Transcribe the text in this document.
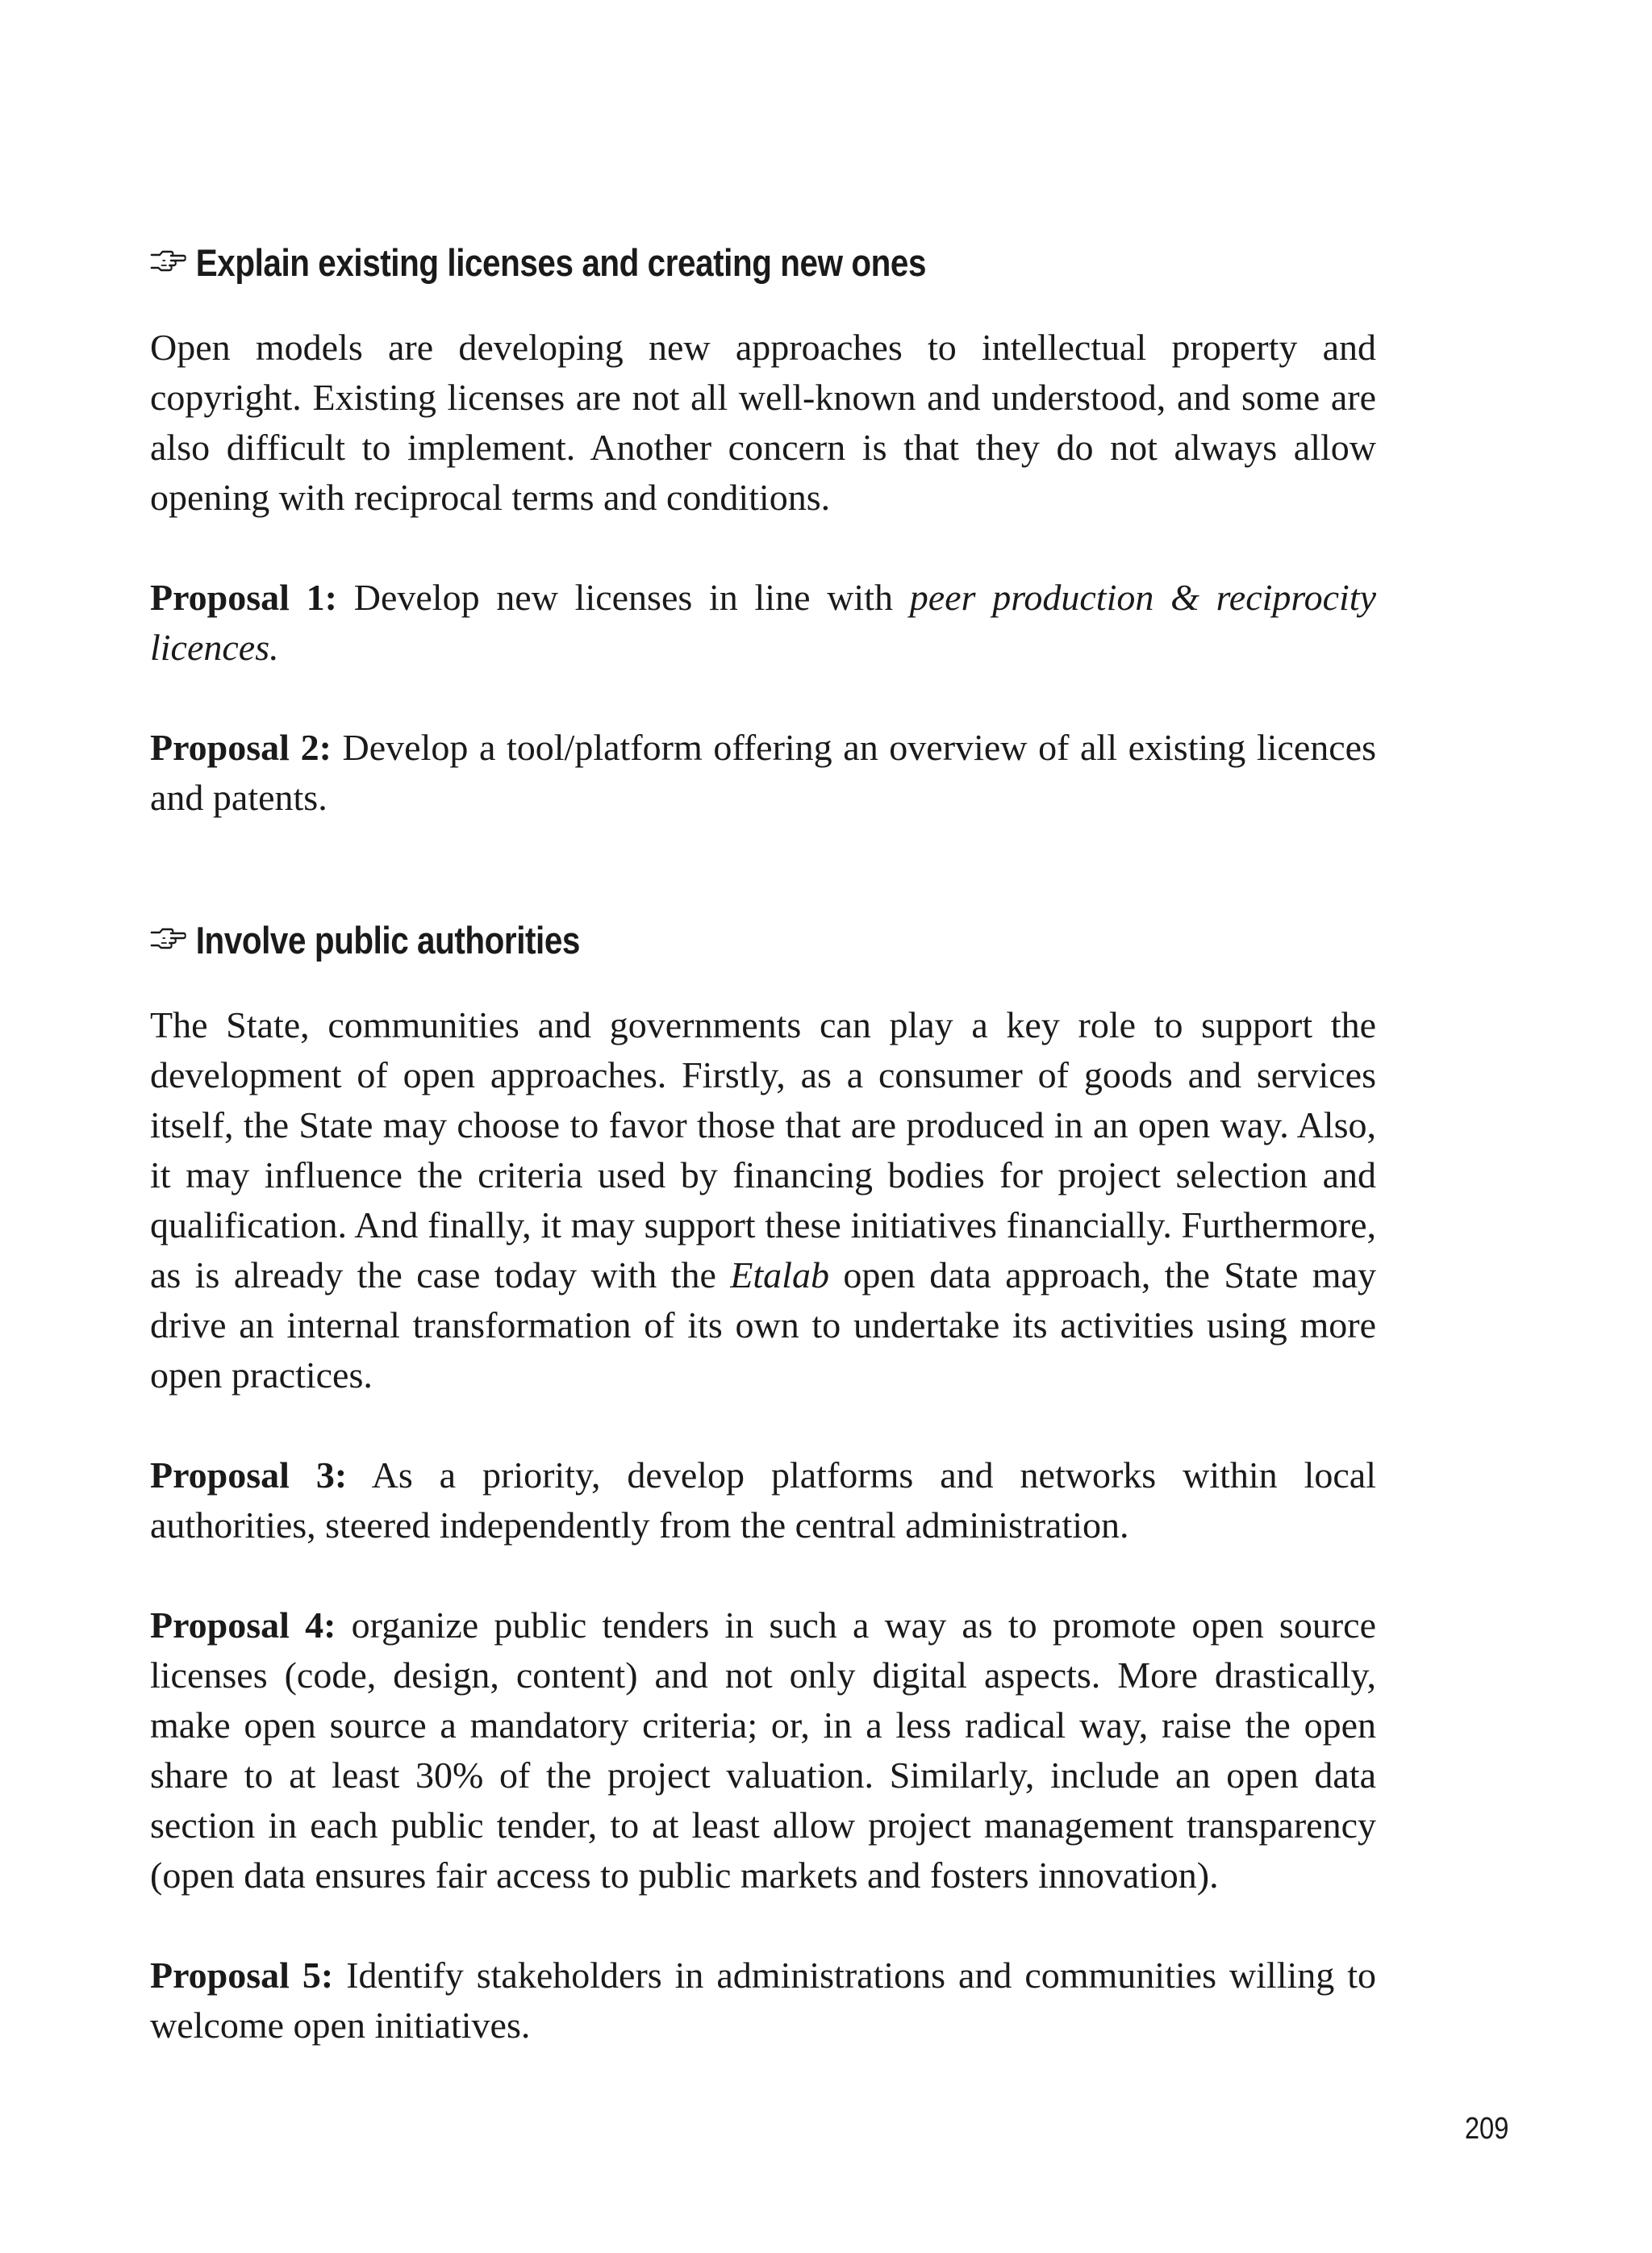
Explain existing licenses and creating new ones

Open models are developing new approaches to intellectual property and copyright. Existing licenses are not all well-known and understood, and some are also difficult to implement. Another concern is that they do not always allow opening with reciprocal terms and conditions.

Proposal 1: Develop new licenses in line with peer production & reciprocity licences.

Proposal 2: Develop a tool/platform offering an overview of all existing licences and patents.

Involve public authorities

The State, communities and governments can play a key role to support the development of open approaches. Firstly, as a consumer of goods and services itself, the State may choose to favor those that are produced in an open way. Also, it may influence the criteria used by financing bodies for project selection and qualification. And finally, it may support these initiatives financially. Furthermore, as is already the case today with the Etalab open data approach, the State may drive an internal transformation of its own to undertake its activities using more open practices.

Proposal 3: As a priority, develop platforms and networks within local authorities, steered independently from the central administration.

Proposal 4: organize public tenders in such a way as to promote open source licenses (code, design, content) and not only digital aspects. More drastically, make open source a mandatory criteria; or, in a less radical way, raise the open share to at least 30% of the project valuation. Similarly, include an open data section in each public tender, to at least allow project management transparency (open data ensures fair access to public markets and fosters innovation).

Proposal 5: Identify stakeholders in administrations and communities willing to welcome open initiatives.

209
